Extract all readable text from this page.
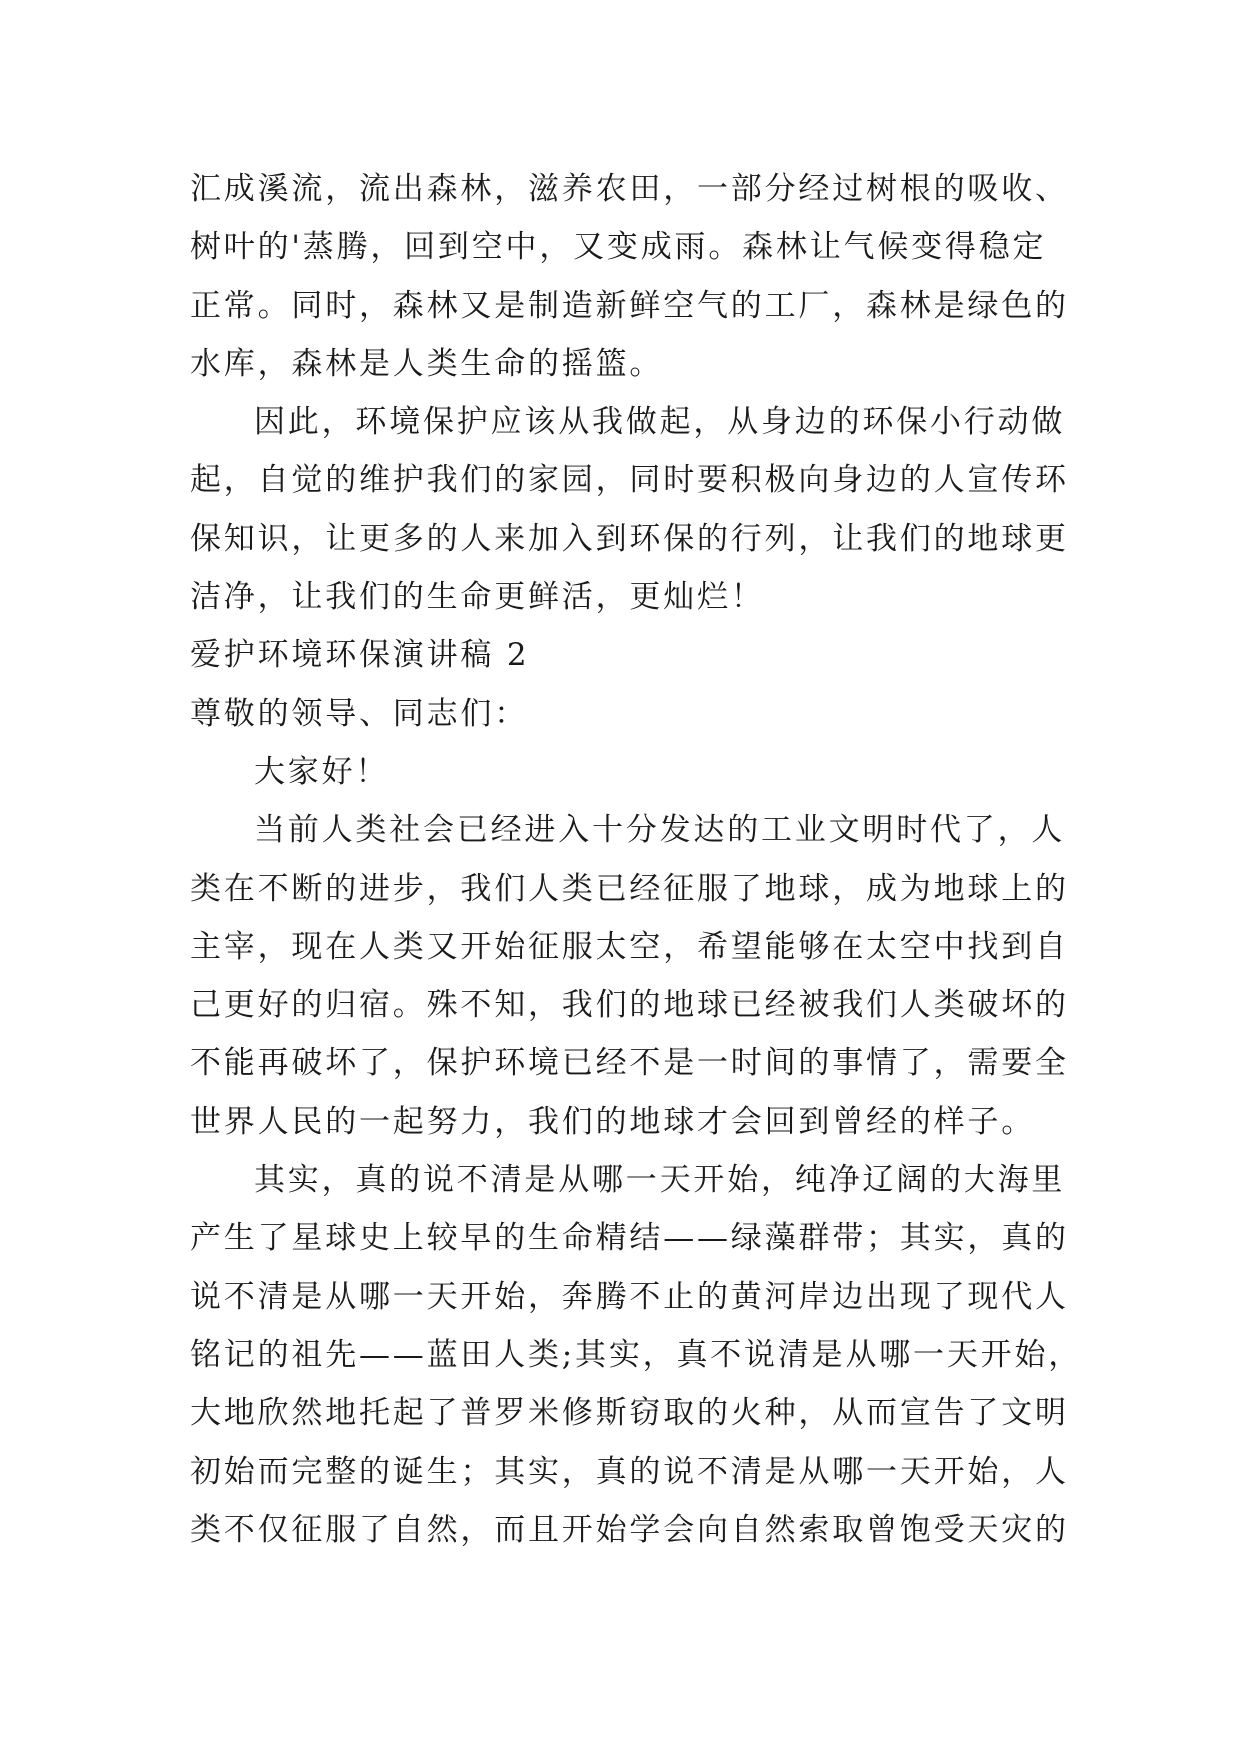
汇成溪流，流出森林，滋养农田，一部分经过树根的吸收、
树叶的'蒸腾，回到空中，又变成雨。森林让气候变得稳定
正常。同时，森林又是制造新鲜空气的工厂，森林是绿色的
水库，森林是人类生命的摇篮。
因此，环境保护应该从我做起，从身边的环保小行动做
起，自觉的维护我们的家园，同时要积极向身边的人宣传环
保知识，让更多的人来加入到环保的行列，让我们的地球更
洁净，让我们的生命更鲜活，更灿烂！
爱护环境环保演讲稿 2
尊敬的领导、同志们：
大家好！
当前人类社会已经进入十分发达的工业文明时代了，人
类在不断的进步，我们人类已经征服了地球，成为地球上的
主宰，现在人类又开始征服太空，希望能够在太空中找到自
己更好的归宿。殊不知，我们的地球已经被我们人类破坏的
不能再破坏了，保护环境已经不是一时间的事情了，需要全
世界人民的一起努力，我们的地球才会回到曾经的样子。
其实，真的说不清是从哪一天开始，纯净辽阔的大海里
产生了星球史上较早的生命精结——绿藻群带；其实，真的
说不清是从哪一天开始，奔腾不止的黄河岸边出现了现代人
铭记的祖先——蓝田人类;其实，真不说清是从哪一天开始，
大地欣然地托起了普罗米修斯窃取的火种，从而宣告了文明
初始而完整的诞生；其实，真的说不清是从哪一天开始，人
类不仅征服了自然，而且开始学会向自然索取曾饱受天灾的
